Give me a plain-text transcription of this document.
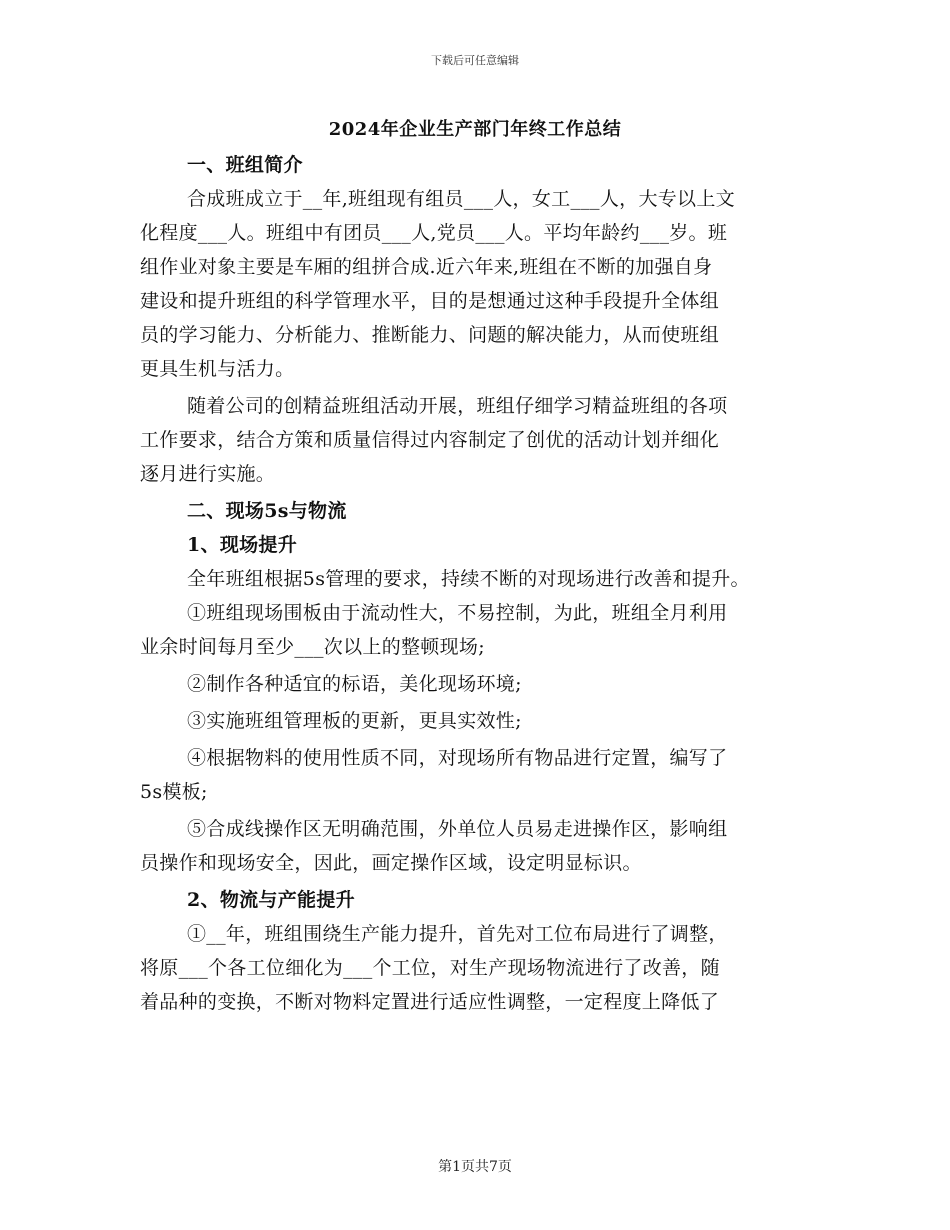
下载后可任意编辑
2024年企业生产部门年终工作总结
一、班组简介
合成班成立于__年,班组现有组员___人，女工___人，大专以上文
化程度___人。班组中有团员___人,党员___人。平均年龄约___岁。班
组作业对象主要是车厢的组拼合成.近六年来,班组在不断的加强自身
建设和提升班组的科学管理水平，目的是想通过这种手段提升全体组
员的学习能力、分析能力、推断能力、问题的解决能力，从而使班组
更具生机与活力。
随着公司的创精益班组活动开展，班组仔细学习精益班组的各项
工作要求，结合方策和质量信得过内容制定了创优的活动计划并细化
逐月进行实施。
二、现场5s与物流
1、现场提升
全年班组根据5s管理的要求，持续不断的对现场进行改善和提升。
①班组现场围板由于流动性大，不易控制，为此，班组全月利用
业余时间每月至少___次以上的整顿现场;
②制作各种适宜的标语，美化现场环境;
③实施班组管理板的更新，更具实效性;
④根据物料的使用性质不同，对现场所有物品进行定置，编写了
5s模板;
⑤合成线操作区无明确范围，外单位人员易走进操作区，影响组
员操作和现场安全，因此，画定操作区域，设定明显标识。
2、物流与产能提升
①__年，班组围绕生产能力提升，首先对工位布局进行了调整，
将原___个各工位细化为___个工位，对生产现场物流进行了改善，随
着品种的变换，不断对物料定置进行适应性调整，一定程度上降低了
第1页共7页
